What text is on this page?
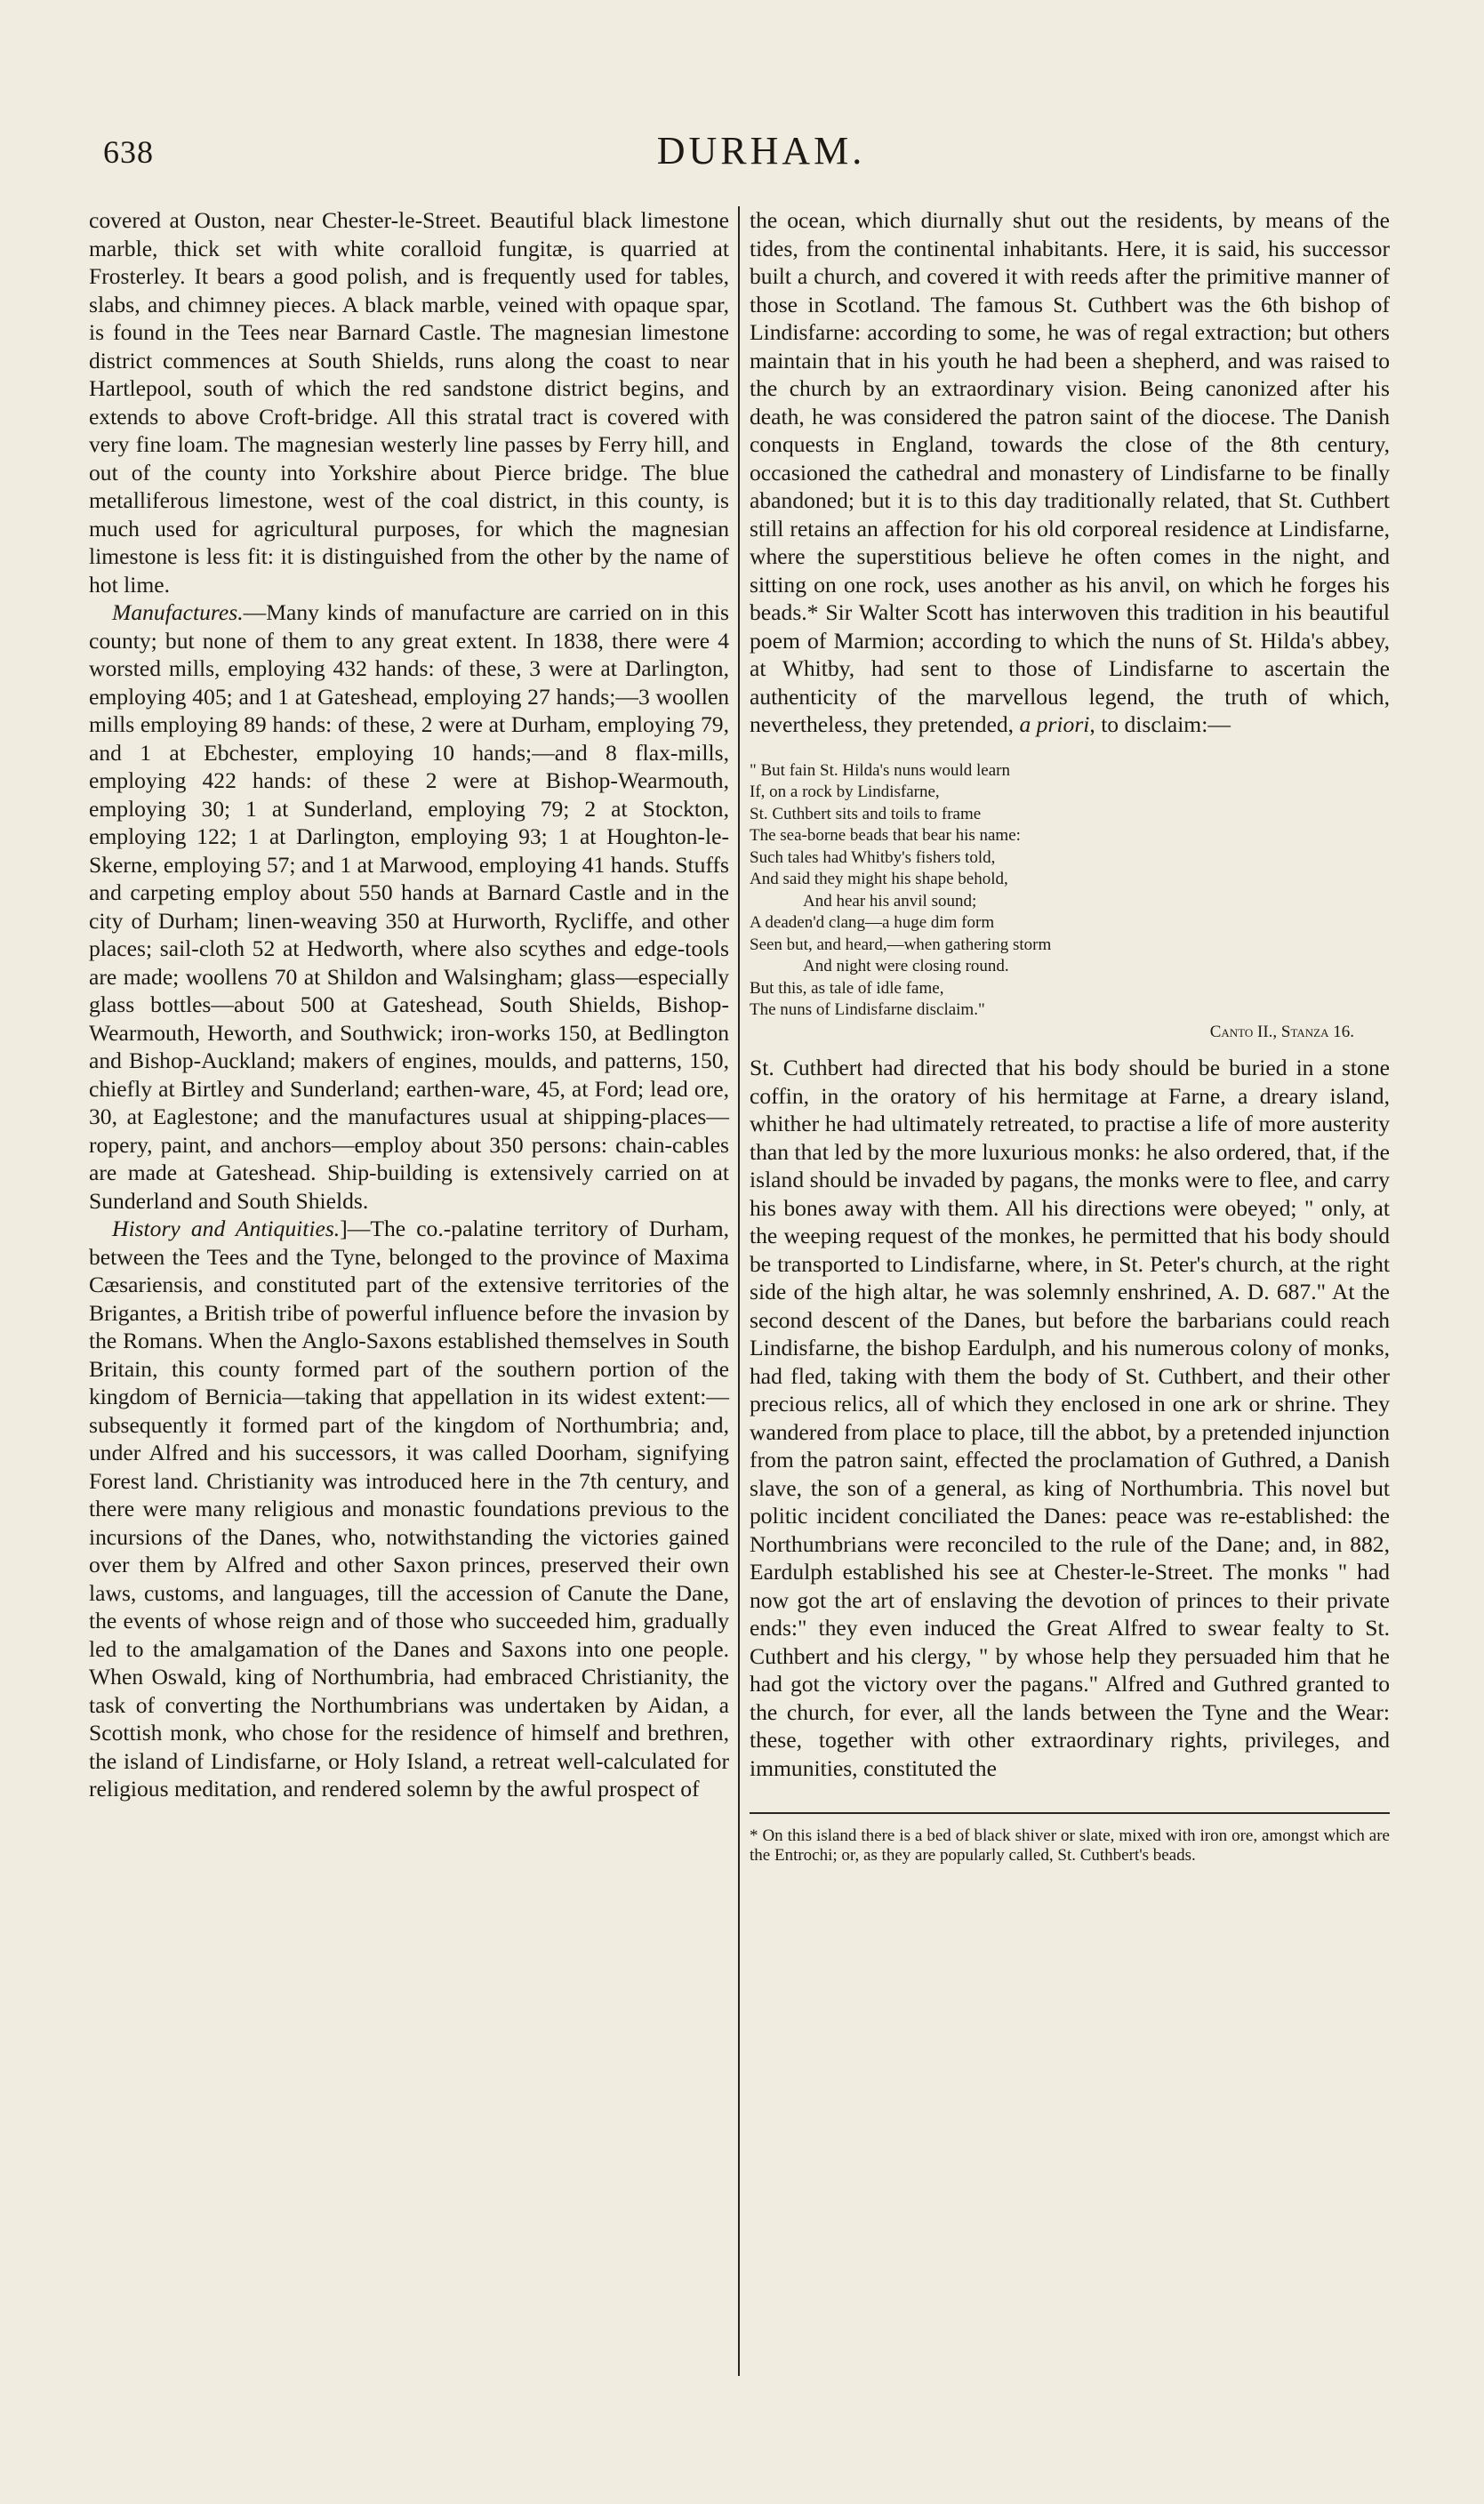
638	DURHAM.

covered at Ouston, near Chester-le-Street. Beautiful black limestone marble, thick set with white coralloid fungitæ, is quarried at Frosterley. It bears a good polish, and is frequently used for tables, slabs, and chimney pieces. A black marble, veined with opaque spar, is found in the Tees near Barnard Castle. The magnesian limestone district commences at South Shields, runs along the coast to near Hartlepool, south of which the red sandstone district begins, and extends to above Croft-bridge. All this stratal tract is covered with very fine loam. The magnesian westerly line passes by Ferry hill, and out of the county into Yorkshire about Pierce bridge. The blue metalliferous limestone, west of the coal district, in this county, is much used for agricultural purposes, for which the magnesian limestone is less fit: it is distinguished from the other by the name of hot lime.

Manufactures.—Many kinds of manufacture are carried on in this county; but none of them to any great extent. In 1838, there were 4 worsted mills, employing 432 hands: of these, 3 were at Darlington, employing 405; and 1 at Gateshead, employing 27 hands;—3 woollen mills employing 89 hands: of these, 2 were at Durham, employing 79, and 1 at Ebchester, employing 10 hands;—and 8 flax-mills, employing 422 hands: of these 2 were at Bishop-Wearmouth, employing 30; 1 at Sunderland, employing 79; 2 at Stockton, employing 122; 1 at Darlington, employing 93; 1 at Houghton-le-Skerne, employing 57; and 1 at Marwood, employing 41 hands. Stuffs and carpeting employ about 550 hands at Barnard Castle and in the city of Durham; linen-weaving 350 at Hurworth, Rycliffe, and other places; sail-cloth 52 at Hedworth, where also scythes and edge-tools are made; woollens 70 at Shildon and Walsingham; glass—especially glass bottles—about 500 at Gateshead, South Shields, Bishop-Wearmouth, Heworth, and Southwick; iron-works 150, at Bedlington and Bishop-Auckland; makers of engines, moulds, and patterns, 150, chiefly at Birtley and Sunderland; earthen-ware, 45, at Ford; lead ore, 30, at Eaglestone; and the manufactures usual at shipping-places—ropery, paint, and anchors—employ about 350 persons: chain-cables are made at Gateshead. Ship-building is extensively carried on at Sunderland and South Shields.

History and Antiquities.]—The co.-palatine territory of Durham, between the Tees and the Tyne, belonged to the province of Maxima Cæsariensis, and constituted part of the extensive territories of the Brigantes, a British tribe of powerful influence before the invasion by the Romans. When the Anglo-Saxons established themselves in South Britain, this county formed part of the southern portion of the kingdom of Bernicia—taking that appellation in its widest extent:—subsequently it formed part of the kingdom of Northumbria; and, under Alfred and his successors, it was called Doorham, signifying Forest land. Christianity was introduced here in the 7th century, and there were many religious and monastic foundations previous to the incursions of the Danes, who, notwithstanding the victories gained over them by Alfred and other Saxon princes, preserved their own laws, customs, and languages, till the accession of Canute the Dane, the events of whose reign and of those who succeeded him, gradually led to the amalgamation of the Danes and Saxons into one people. When Oswald, king of Northumbria, had embraced Christianity, the task of converting the Northumbrians was undertaken by Aidan, a Scottish monk, who chose for the residence of himself and brethren, the island of Lindisfarne, or Holy Island, a retreat well-calculated for religious meditation, and rendered solemn by the awful prospect of

the ocean, which diurnally shut out the residents, by means of the tides, from the continental inhabitants. Here, it is said, his successor built a church, and covered it with reeds after the primitive manner of those in Scotland. The famous St. Cuthbert was the 6th bishop of Lindisfarne: according to some, he was of regal extraction; but others maintain that in his youth he had been a shepherd, and was raised to the church by an extraordinary vision. Being canonized after his death, he was considered the patron saint of the diocese. The Danish conquests in England, towards the close of the 8th century, occasioned the cathedral and monastery of Lindisfarne to be finally abandoned; but it is to this day traditionally related, that St. Cuthbert still retains an affection for his old corporeal residence at Lindisfarne, where the superstitious believe he often comes in the night, and sitting on one rock, uses another as his anvil, on which he forges his beads.* Sir Walter Scott has interwoven this tradition in his beautiful poem of Marmion; according to which the nuns of St. Hilda's abbey, at Whitby, had sent to those of Lindisfarne to ascertain the authenticity of the marvellous legend, the truth of which, nevertheless, they pretended, a priori, to disclaim:—

" But fain St. Hilda's nuns would learn
If, on a rock by Lindisfarne,
St. Cuthbert sits and toils to frame
The sea-borne beads that bear his name:
Such tales had Whitby's fishers told,
And said they might his shape behold,
And hear his anvil sound;
A deaden'd clang—a huge dim form
Seen but, and heard,—when gathering storm
And night were closing round.
But this, as tale of idle fame,
The nuns of Lindisfarne disclaim."
Canto II., Stanza 16.

St. Cuthbert had directed that his body should be buried in a stone coffin, in the oratory of his hermitage at Farne, a dreary island, whither he had ultimately retreated, to practise a life of more austerity than that led by the more luxurious monks: he also ordered, that, if the island should be invaded by pagans, the monks were to flee, and carry his bones away with them. All his directions were obeyed; " only, at the weeping request of the monkes, he permitted that his body should be transported to Lindisfarne, where, in St. Peter's church, at the right side of the high altar, he was solemnly enshrined, A. D. 687." At the second descent of the Danes, but before the barbarians could reach Lindisfarne, the bishop Eardulph, and his numerous colony of monks, had fled, taking with them the body of St. Cuthbert, and their other precious relics, all of which they enclosed in one ark or shrine. They wandered from place to place, till the abbot, by a pretended injunction from the patron saint, effected the proclamation of Guthred, a Danish slave, the son of a general, as king of Northumbria. This novel but politic incident conciliated the Danes: peace was re-established: the Northumbrians were reconciled to the rule of the Dane; and, in 882, Eardulph established his see at Chester-le-Street. The monks " had now got the art of enslaving the devotion of princes to their private ends:" they even induced the Great Alfred to swear fealty to St. Cuthbert and his clergy, " by whose help they persuaded him that he had got the victory over the pagans." Alfred and Guthred granted to the church, for ever, all the lands between the Tyne and the Wear: these, together with other extraordinary rights, privileges, and immunities, constituted the

* On this island there is a bed of black shiver or slate, mixed with iron ore, amongst which are the Entrochi; or, as they are popularly called, St. Cuthbert's beads.
